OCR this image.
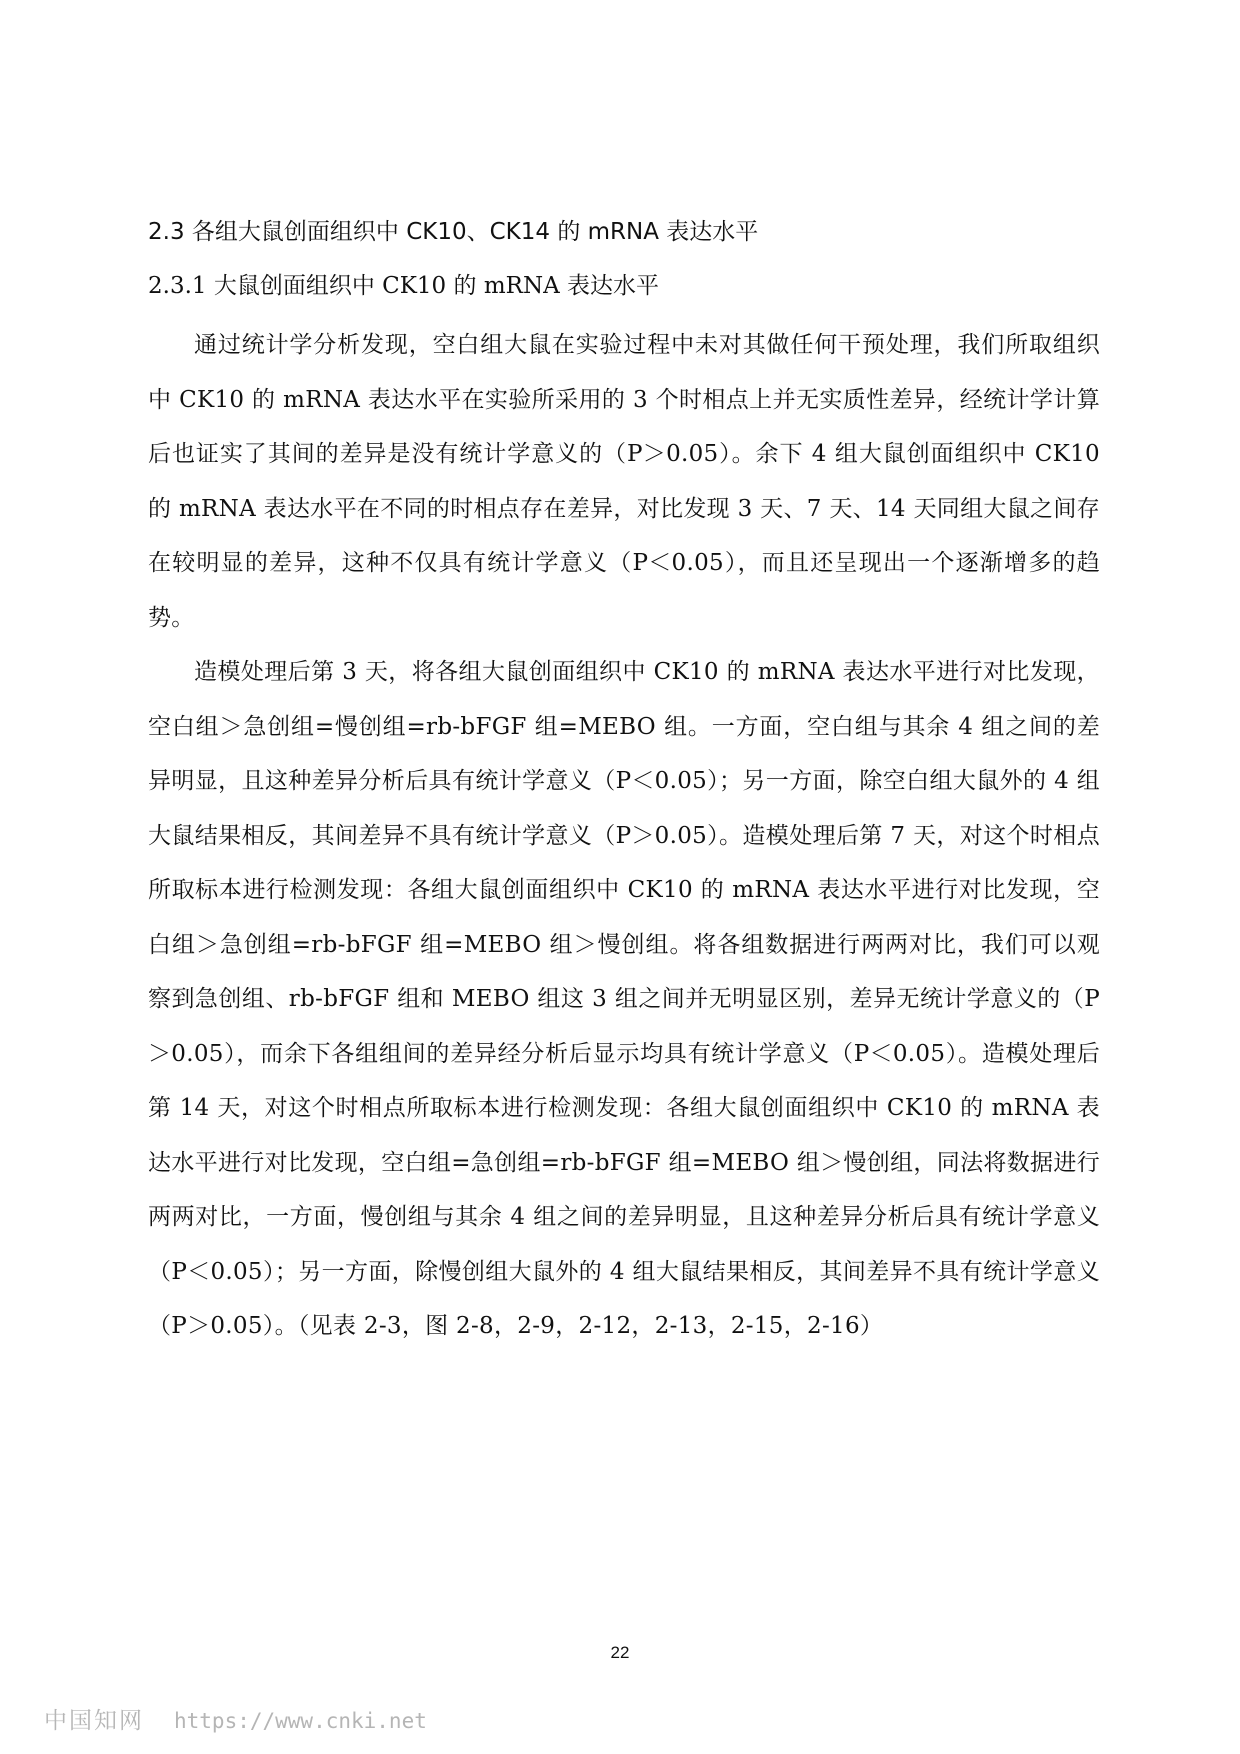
2.3 各组大鼠创面组织中 CK10、CK14 的 mRNA 表达水平
2.3.1 大鼠创面组织中 CK10 的 mRNA 表达水平

通过统计学分析发现，空白组大鼠在实验过程中未对其做任何干预处理，我们所取组织中 CK10 的 mRNA 表达水平在实验所采用的 3 个时相点上并无实质性差异，经统计学计算后也证实了其间的差异是没有统计学意义的（P＞0.05）。余下 4 组大鼠创面组织中 CK10 的 mRNA 表达水平在不同的时相点存在差异，对比发现 3 天、7 天、14 天同组大鼠之间存在较明显的差异，这种不仅具有统计学意义（P＜0.05），而且还呈现出一个逐渐增多的趋势。

造模处理后第 3 天，将各组大鼠创面组织中 CK10 的 mRNA 表达水平进行对比发现，空白组＞急创组=慢创组=rb-bFGF 组=MEBO 组。一方面，空白组与其余 4 组之间的差异明显，且这种差异分析后具有统计学意义（P＜0.05）；另一方面，除空白组大鼠外的 4 组大鼠结果相反，其间差异不具有统计学意义（P＞0.05）。造模处理后第 7 天，对这个时相点所取标本进行检测发现：各组大鼠创面组织中 CK10 的 mRNA 表达水平进行对比发现，空白组＞急创组=rb-bFGF 组=MEBO 组＞慢创组。将各组数据进行两两对比，我们可以观察到急创组、rb-bFGF 组和 MEBO 组这 3 组之间并无明显区别，差异无统计学意义的（P＞0.05），而余下各组组间的差异经分析后显示均具有统计学意义（P＜0.05）。造模处理后第 14 天，对这个时相点所取标本进行检测发现：各组大鼠创面组织中 CK10 的 mRNA 表达水平进行对比发现，空白组=急创组=rb-bFGF 组=MEBO 组＞慢创组，同法将数据进行两两对比，一方面，慢创组与其余 4 组之间的差异明显，且这种差异分析后具有统计学意义（P＜0.05）；另一方面，除慢创组大鼠外的 4 组大鼠结果相反，其间差异不具有统计学意义（P＞0.05）。（见表 2-3，图 2-8，2-9，2-12，2-13，2-15，2-16）

22
中国知网 https://www.cnki.net
